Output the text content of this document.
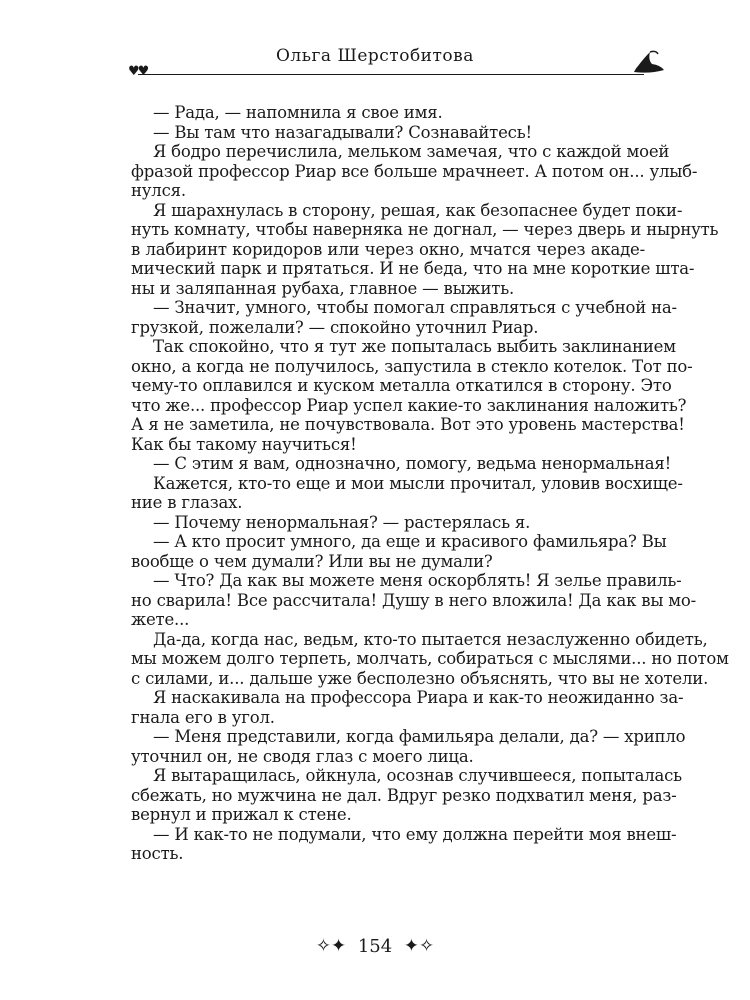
♥♥
Ольга Шерстобитова

— Рада, — напомнила я свое имя.

— Вы там что назагадывали? Сознавайтесь!

Я бодро перечислила, мельком замечая, что с каждой моей
фразой профессор Риар все больше мрачнеет. А потом он... улыб-
нулся.

Я шарахнулась в сторону, решая, как безопаснее будет поки-
нуть комнату, чтобы наверняка не догнал, — через дверь и нырнуть
в лабиринт коридоров или через окно, мчатся через акаде-
мический парк и прятаться. И не беда, что на мне короткие шта-
ны и заляпанная рубаха, главное — выжить.

— Значит, умного, чтобы помогал справляться с учебной на-
грузкой, пожелали? — спокойно уточнил Риар.

Так спокойно, что я тут же попыталась выбить заклинанием
окно, а когда не получилось, запустила в стекло котелок. Тот по-
чему-то оплавился и куском металла откатился в сторону. Это
что же... профессор Риар успел какие-то заклинания наложить?
А я не заметила, не почувствовала. Вот это уровень мастерства!
Как бы такому научиться!

— С этим я вам, однозначно, помогу, ведьма ненормальная!

Кажется, кто-то еще и мои мысли прочитал, уловив восхище-
ние в глазах.

— Почему ненормальная? — растерялась я.

— А кто просит умного, да еще и красивого фамильяра? Вы
вообще о чем думали? Или вы не думали?

— Что? Да как вы можете меня оскорблять! Я зелье правиль-
но сварила! Все рассчитала! Душу в него вложила! Да как вы мо-
жете...

Да-да, когда нас, ведьм, кто-то пытается незаслуженно обидеть,
мы можем долго терпеть, молчать, собираться с мыслями... но потом
с силами, и... дальше уже бесполезно объяснять, что вы не хотели.

Я наскакивала на профессора Риара и как-то неожиданно за-
гнала его в угол.

— Меня представили, когда фамильяра делали, да? — хрипло
уточнил он, не сводя глаз с моего лица.

Я вытаращилась, ойкнула, осознав случившееся, попыталась
сбежать, но мужчина не дал. Вдруг резко подхватил меня, раз-
вернул и прижал к стене.

— И как-то не подумали, что ему должна перейти моя внеш-
ность.

✧✦ 154 ✦✧
